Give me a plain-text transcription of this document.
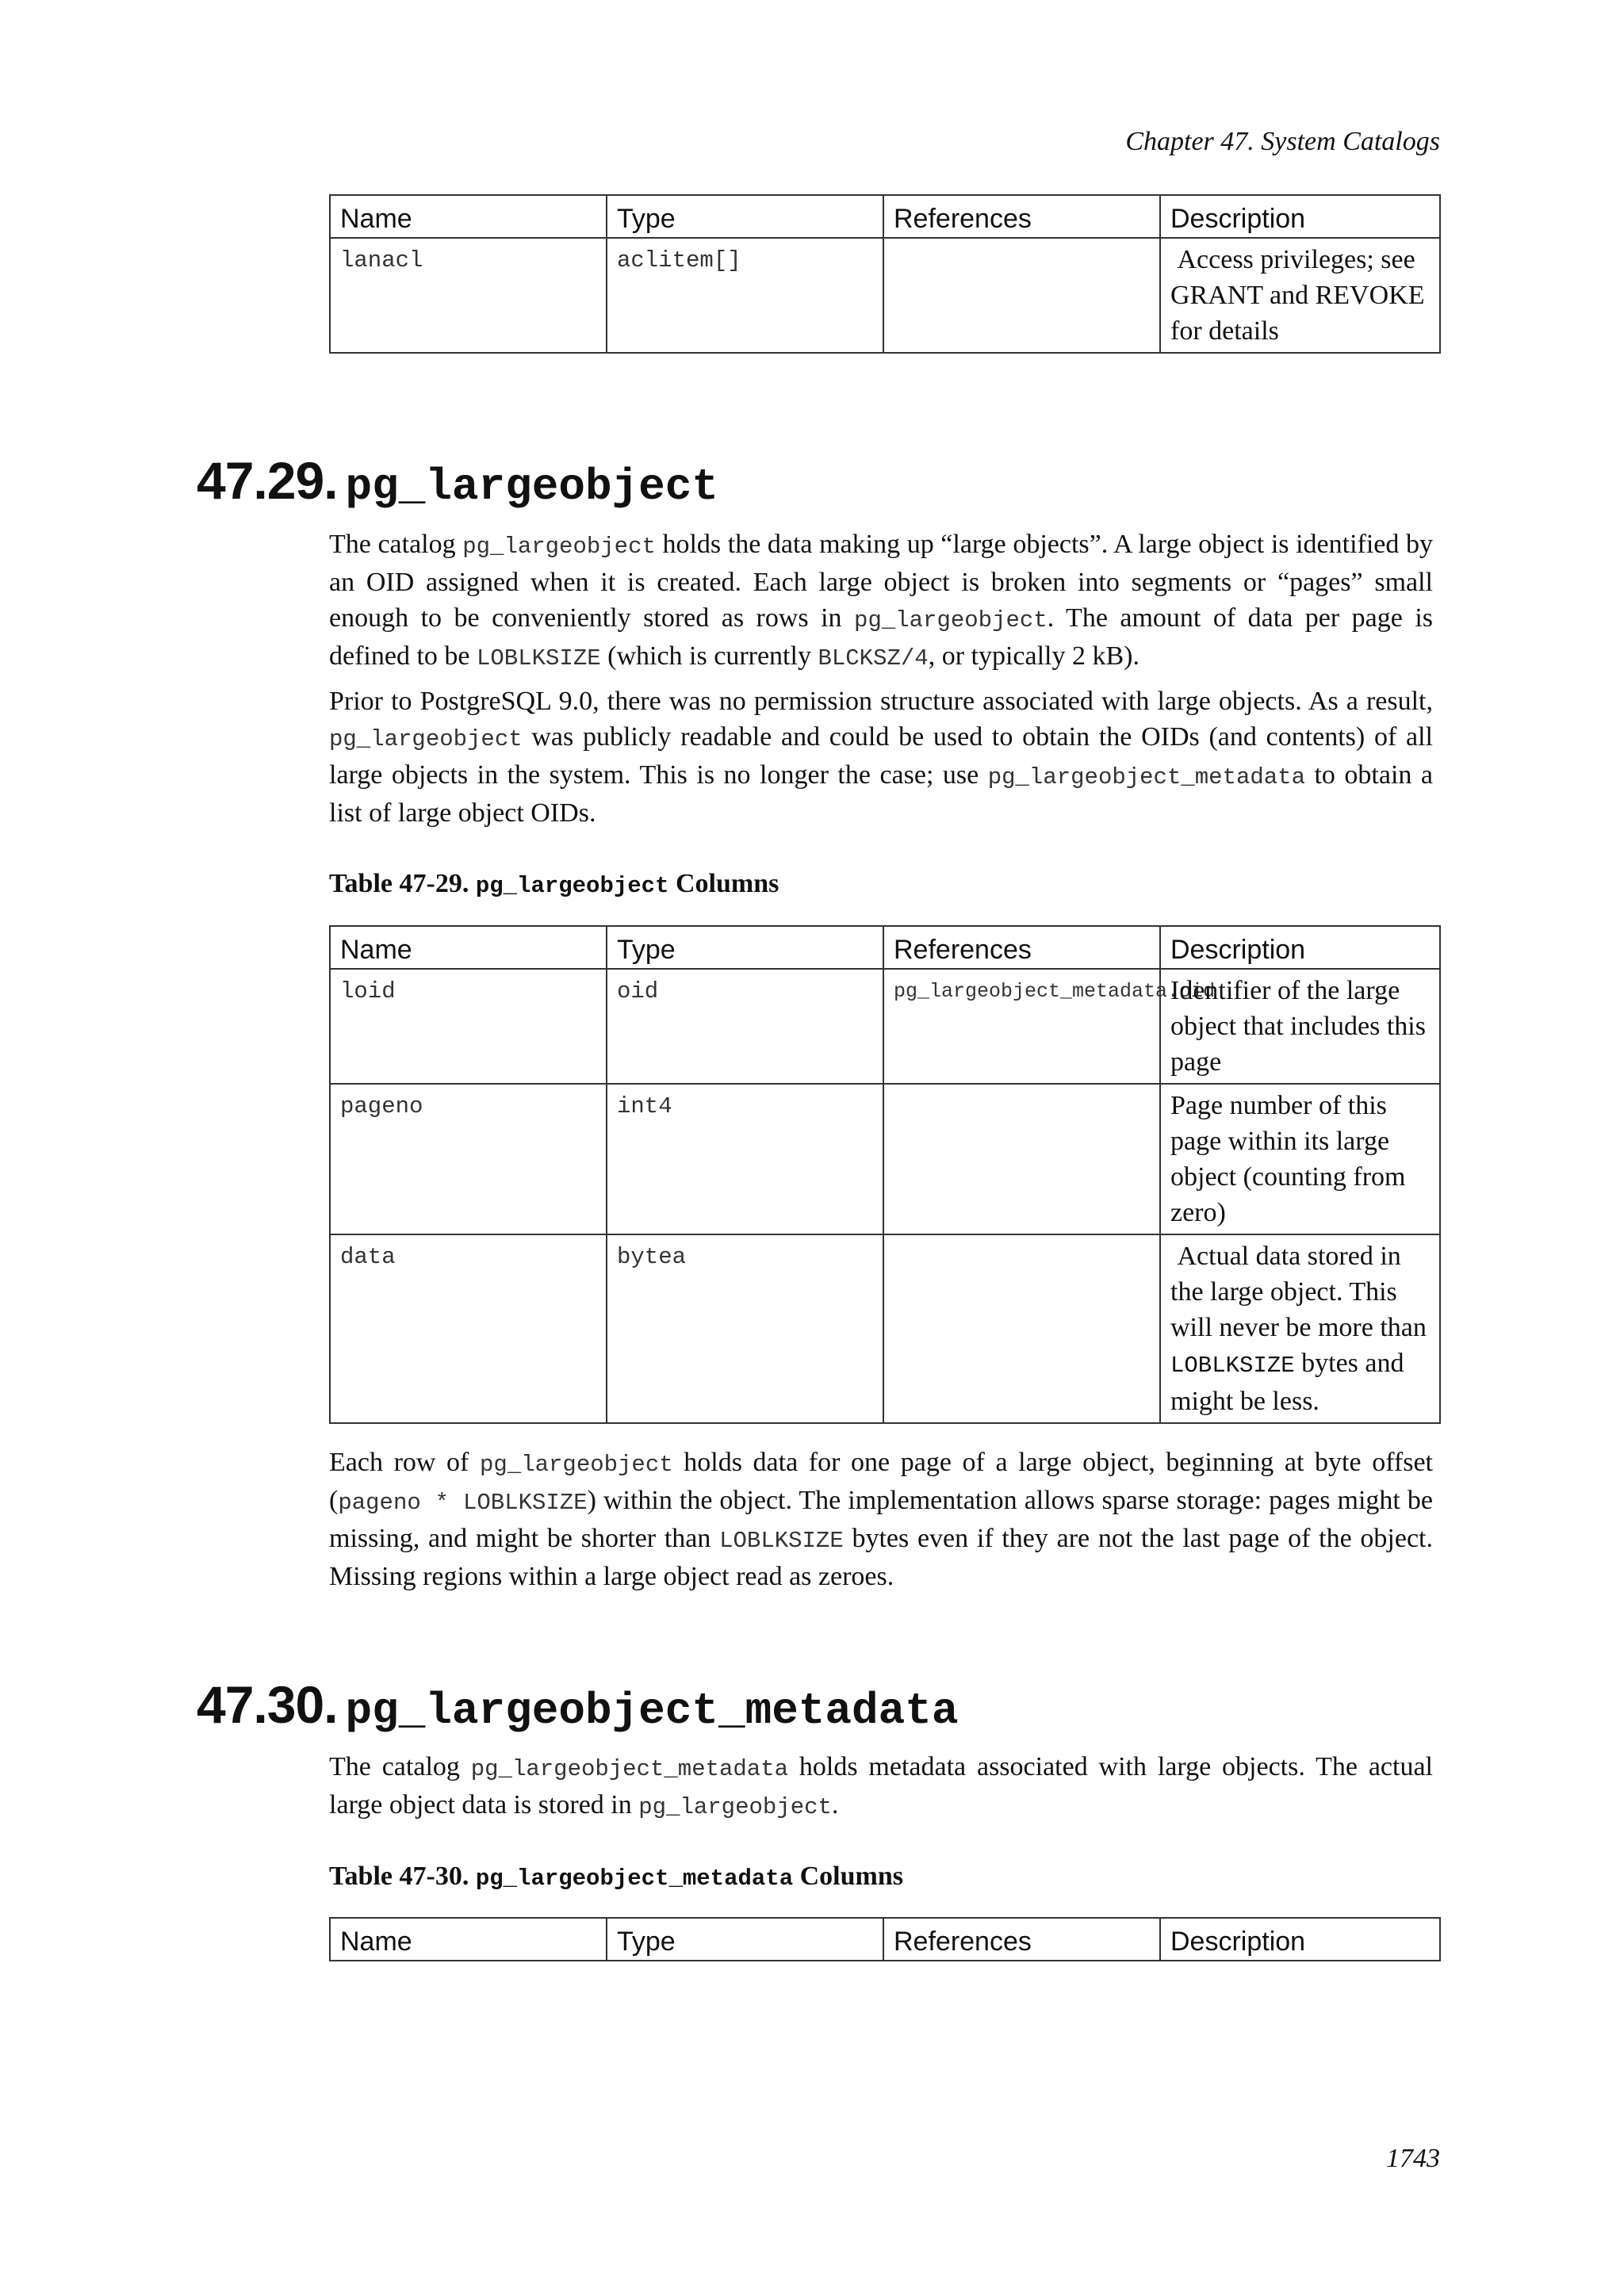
Chapter 47. System Catalogs
Name	Type	References	Description
lanacl	aclitem[]		Access privileges; see GRANT and REVOKE for details
47.29. pg_largeobject

The catalog pg_largeobject holds the data making up “large objects”. A large object is identified by an OID assigned when it is created. Each large object is broken into segments or “pages” small enough to be conveniently stored as rows in pg_largeobject. The amount of data per page is defined to be LOBLKSIZE (which is currently BLCKSZ/4, or typically 2 kB).

Prior to PostgreSQL 9.0, there was no permission structure associated with large objects. As a result, pg_largeobject was publicly readable and could be used to obtain the OIDs (and contents) of all large objects in the system. This is no longer the case; use pg_largeobject_metadata to obtain a list of large object OIDs.

Table 47-29. pg_largeobject Columns
Name	Type	References	Description
loid	oid	pg_largeobject_metadata.oid	Identifier of the large object that includes this page
pageno	int4		Page number of this page within its large object (counting from zero)
data	bytea		Actual data stored in the large object. This will never be more than LOBLKSIZE bytes and might be less.

Each row of pg_largeobject holds data for one page of a large object, beginning at byte offset (pageno * LOBLKSIZE) within the object. The implementation allows sparse storage: pages might be missing, and might be shorter than LOBLKSIZE bytes even if they are not the last page of the object. Missing regions within a large object read as zeroes.

47.30. pg_largeobject_metadata

The catalog pg_largeobject_metadata holds metadata associated with large objects. The actual large object data is stored in pg_largeobject.

Table 47-30. pg_largeobject_metadata Columns
Name	Type	References	Description
1743
